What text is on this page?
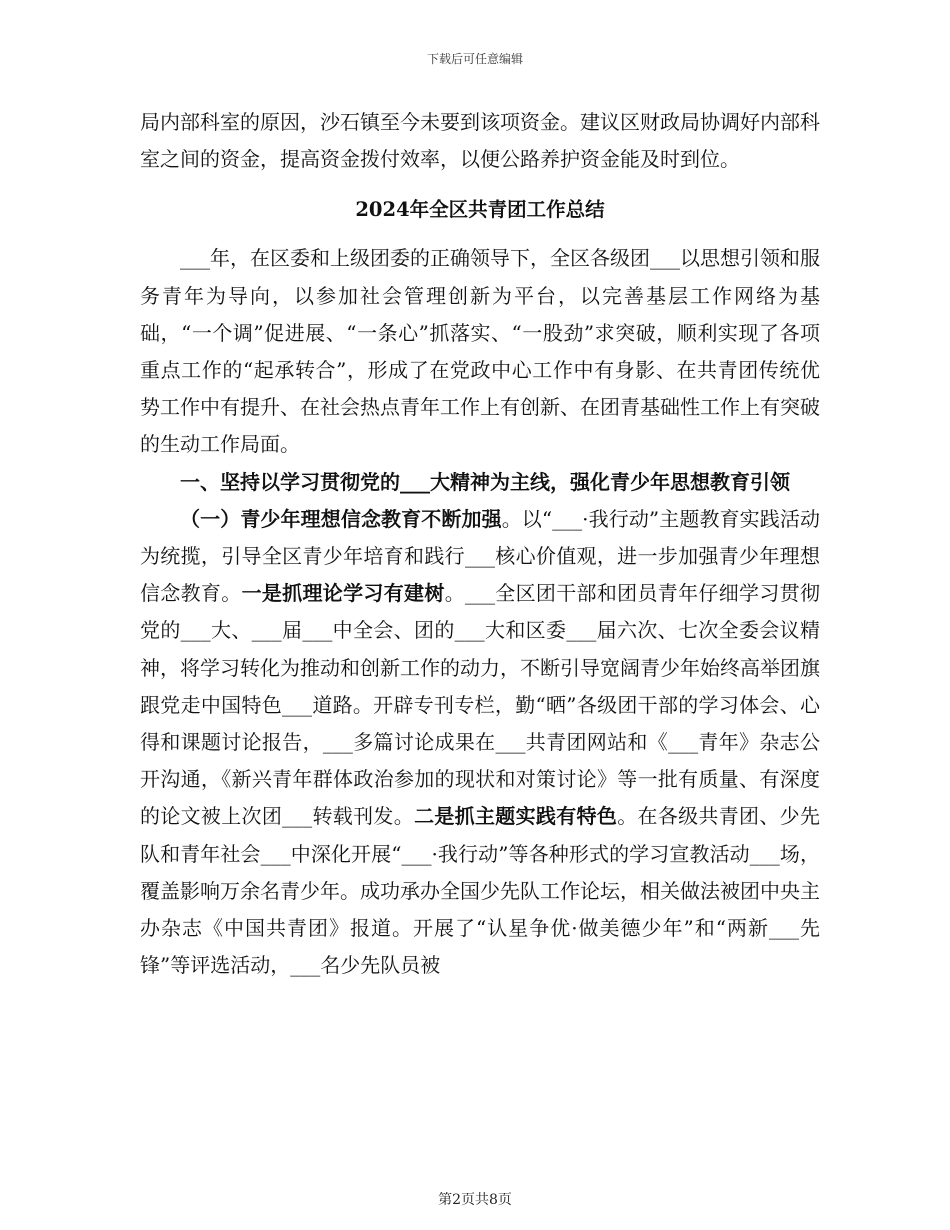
下载后可任意编辑

局内部科室的原因，沙石镇至今未要到该项资金。建议区财政局协调好内部科室之间的资金，提高资金拨付效率，以便公路养护资金能及时到位。

2024年全区共青团工作总结

___年，在区委和上级团委的正确领导下，全区各级团___以思想引领和服务青年为导向，以参加社会管理创新为平台，以完善基层工作网络为基础，“一个调”促进展、“一条心”抓落实、“一股劲”求突破，顺利实现了各项重点工作的“起承转合”，形成了在党政中心工作中有身影、在共青团传统优势工作中有提升、在社会热点青年工作上有创新、在团青基础性工作上有突破的生动工作局面。

一、坚持以学习贯彻党的___大精神为主线，强化青少年思想教育引领

（一）青少年理想信念教育不断加强。以“___·我行动”主题教育实践活动为统揽，引导全区青少年培育和践行___核心价值观，进一步加强青少年理想信念教育。一是抓理论学习有建树。___全区团干部和团员青年仔细学习贯彻党的___大、___届___中全会、团的___大和区委___届六次、七次全委会议精神，将学习转化为推动和创新工作的动力，不断引导宽阔青少年始终高举团旗跟党走中国特色___道路。开辟专刊专栏，勤“晒”各级团干部的学习体会、心得和课题讨论报告，___多篇讨论成果在___共青团网站和《___青年》杂志公开沟通，《新兴青年群体政治参加的现状和对策讨论》等一批有质量、有深度的论文被上次团___转载刊发。二是抓主题实践有特色。在各级共青团、少先队和青年社会___中深化开展“___·我行动”等各种形式的学习宣教活动___场，覆盖影响万余名青少年。成功承办全国少先队工作论坛，相关做法被团中央主办杂志《中国共青团》报道。开展了“认星争优·做美德少年”和“两新___先锋”等评选活动，___名少先队员被

第2页共8页
